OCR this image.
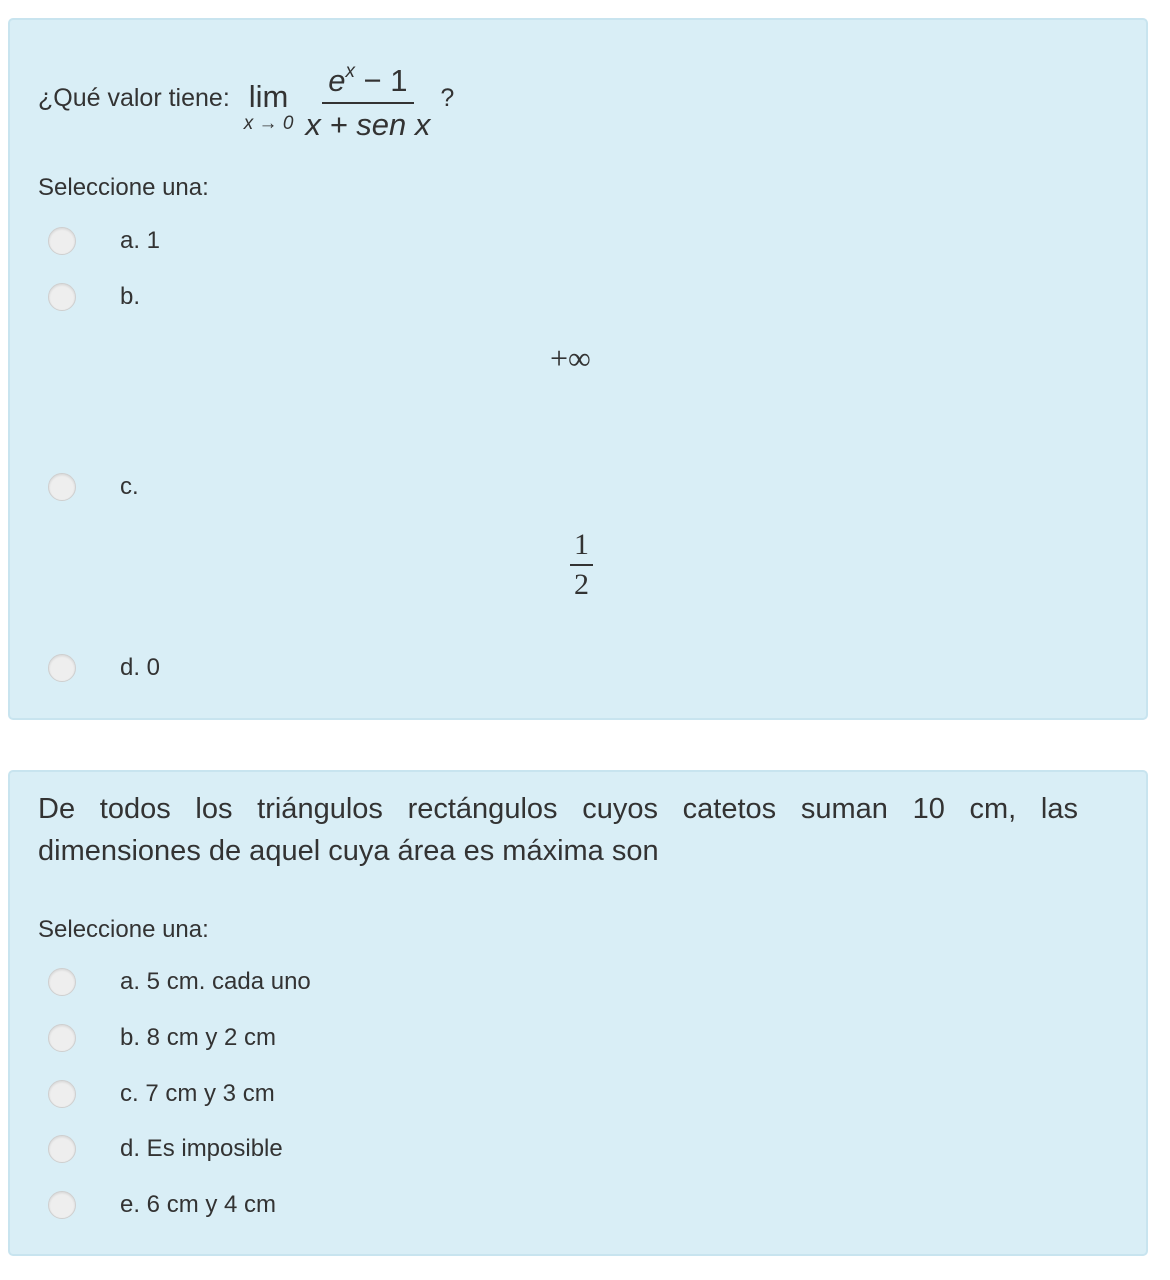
¿Qué valor tiene: lim
$x \to 0 \frac{e^x - 1}{\text{x + sen x}}$ ?
Seleccione una:
a. 1
b.
+∞
c.
$\frac{1}{2}$
d. 0
De todos los triángulos rectángulos cuyos catetos suman 10 cm, las dimensiones de aquel cuya área es máxima son
Seleccione una:
a. 5 cm. cada uno
b. 8 cm y 2 cm
c. 7 cm y 3 cm
d. Es imposible
e. 6 cm y 4 cm
